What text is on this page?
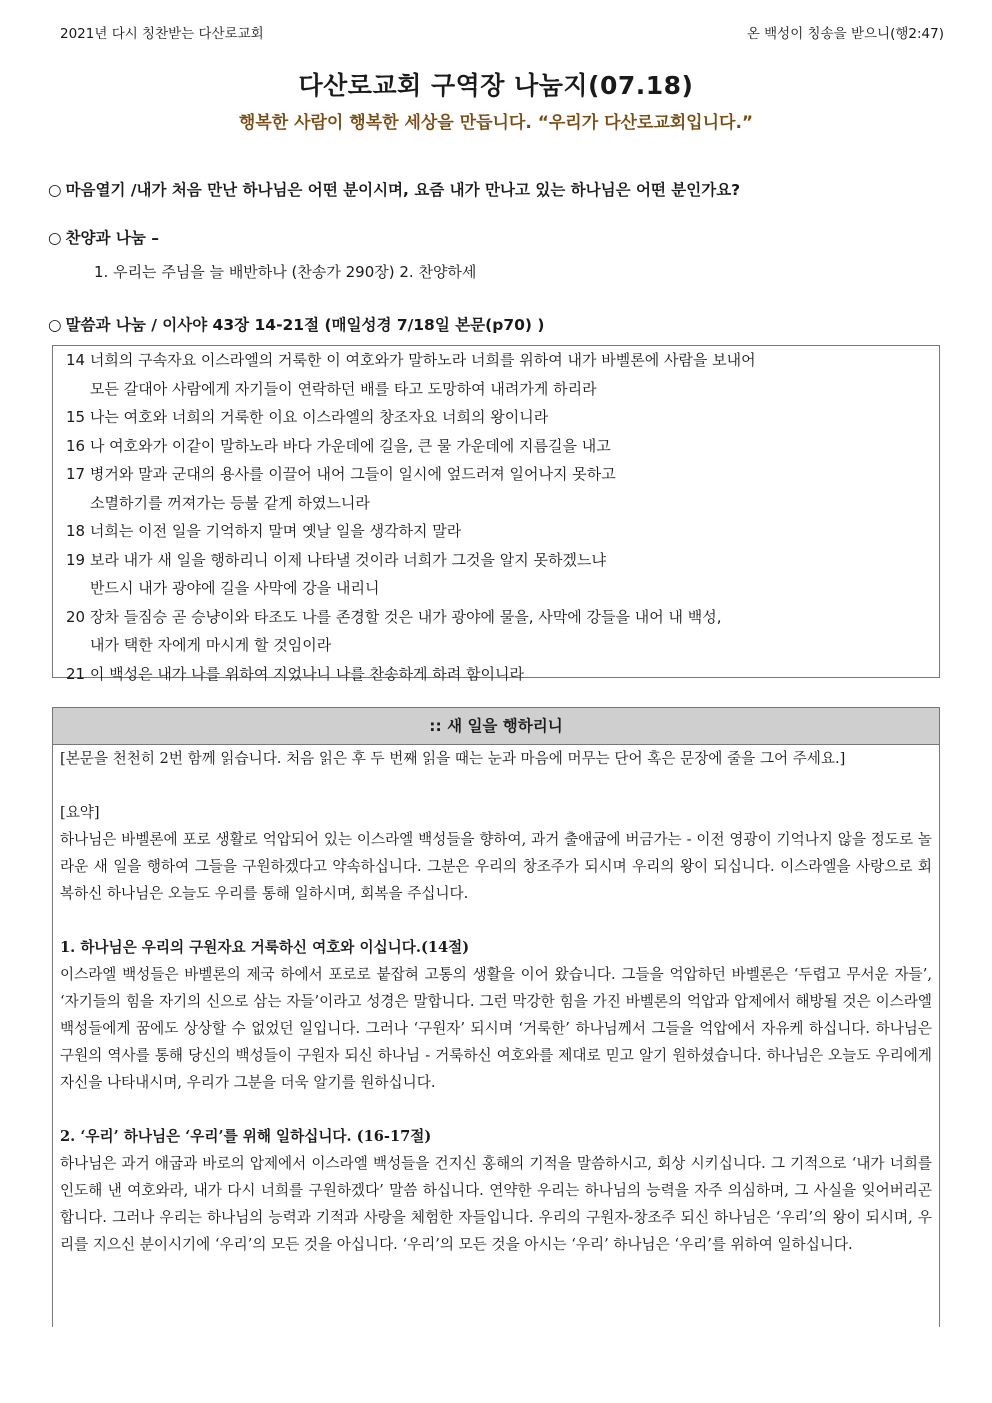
2021년 다시 칭찬받는 다산로교회	온 백성이 칭송을 받으니(행2:47)
다산로교회 구역장 나눔지(07.18)
행복한 사람이 행복한 세상을 만듭니다. “우리가 다산로교회입니다.”
○ 마음열기 /내가 처음 만난 하나님은 어떤 분이시며, 요즘 내가 만나고 있는 하나님은 어떤 분인가요?
○ 찬양과 나눔 –
1. 우리는 주님을 늘 배반하나 (찬송가 290장) 2. 찬양하세
○ 말씀과 나눔 / 이사야 43장 14-21절 (매일성경 7/18일 본문(p70) )
14 너희의 구속자요 이스라엘의 거룩한 이 여호와가 말하노라 너희를 위하여 내가 바벨론에 사람을 보내어
모든 갈대아 사람에게 자기들이 연락하던 배를 타고 도망하여 내려가게 하리라
15 나는 여호와 너희의 거룩한 이요 이스라엘의 창조자요 너희의 왕이니라
16 나 여호와가 이같이 말하노라 바다 가운데에 길을, 큰 물 가운데에 지름길을 내고
17 병거와 말과 군대의 용사를 이끌어 내어 그들이 일시에 엎드러져 일어나지 못하고
소멸하기를 꺼져가는 등불 같게 하였느니라
18 너희는 이전 일을 기억하지 말며 옛날 일을 생각하지 말라
19 보라 내가 새 일을 행하리니 이제 나타낼 것이라 너희가 그것을 알지 못하겠느냐
반드시 내가 광야에 길을 사막에 강을 내리니
20 장차 들짐승 곧 승냥이와 타조도 나를 존경할 것은 내가 광야에 물을, 사막에 강들을 내어 내 백성,
내가 택한 자에게 마시게 할 것임이라
21 이 백성은 내가 나를 위하여 지었나니 나를 찬송하게 하려 함이니라
:: 새 일을 행하리니

[본문을 천천히 2번 함께 읽습니다. 처음 읽은 후 두 번째 읽을 때는 눈과 마음에 머무는 단어 혹은 문장에 줄을 그어 주세요.]

[요약]

하나님은 바벨론에 포로 생활로 억압되어 있는 이스라엘 백성들을 향하여, 과거 출애굽에 버금가는 - 이전 영광이 기억나지 않을 정도로 놀라운 새 일을 행하여 그들을 구원하겠다고 약속하십니다. 그분은 우리의 창조주가 되시며 우리의 왕이 되십니다. 이스라엘을 사랑으로 회복하신 하나님은 오늘도 우리를 통해 일하시며, 회복을 주십니다.

1. 하나님은 우리의 구원자요 거룩하신 여호와 이십니다.(14절)

이스라엘 백성들은 바벨론의 제국 하에서 포로로 붙잡혀 고통의 생활을 이어 왔습니다. 그들을 억압하던 바벨론은 ‘두렵고 무서운 자들’, ‘자기들의 힘을 자기의 신으로 삼는 자들’이라고 성경은 말합니다. 그런 막강한 힘을 가진 바벨론의 억압과 압제에서 해방될 것은 이스라엘 백성들에게 꿈에도 상상할 수 없었던 일입니다. 그러나 ‘구원자’ 되시며 ‘거룩한’ 하나님께서 그들을 억압에서 자유케 하십니다. 하나님은 구원의 역사를 통해 당신의 백성들이 구원자 되신 하나님 - 거룩하신 여호와를 제대로 믿고 알기 원하셨습니다. 하나님은 오늘도 우리에게 자신을 나타내시며, 우리가 그분을 더욱 알기를 원하십니다.

2. ‘우리’ 하나님은 ‘우리’를 위해 일하십니다. (16-17절)

하나님은 과거 애굽과 바로의 압제에서 이스라엘 백성들을 건지신 홍해의 기적을 말씀하시고, 회상 시키십니다. 그 기적으로 ‘내가 너희를 인도해 낸 여호와라, 내가 다시 너희를 구원하겠다’ 말씀 하십니다. 연약한 우리는 하나님의 능력을 자주 의심하며, 그 사실을 잊어버리곤 합니다. 그러나 우리는 하나님의 능력과 기적과 사랑을 체험한 자들입니다. 우리의 구원자-창조주 되신 하나님은 ‘우리’의 왕이 되시며, 우리를 지으신 분이시기에 ‘우리’의 모든 것을 아십니다. ‘우리’의 모든 것을 아시는 ‘우리’ 하나님은 ‘우리’를 위하여 일하십니다.
